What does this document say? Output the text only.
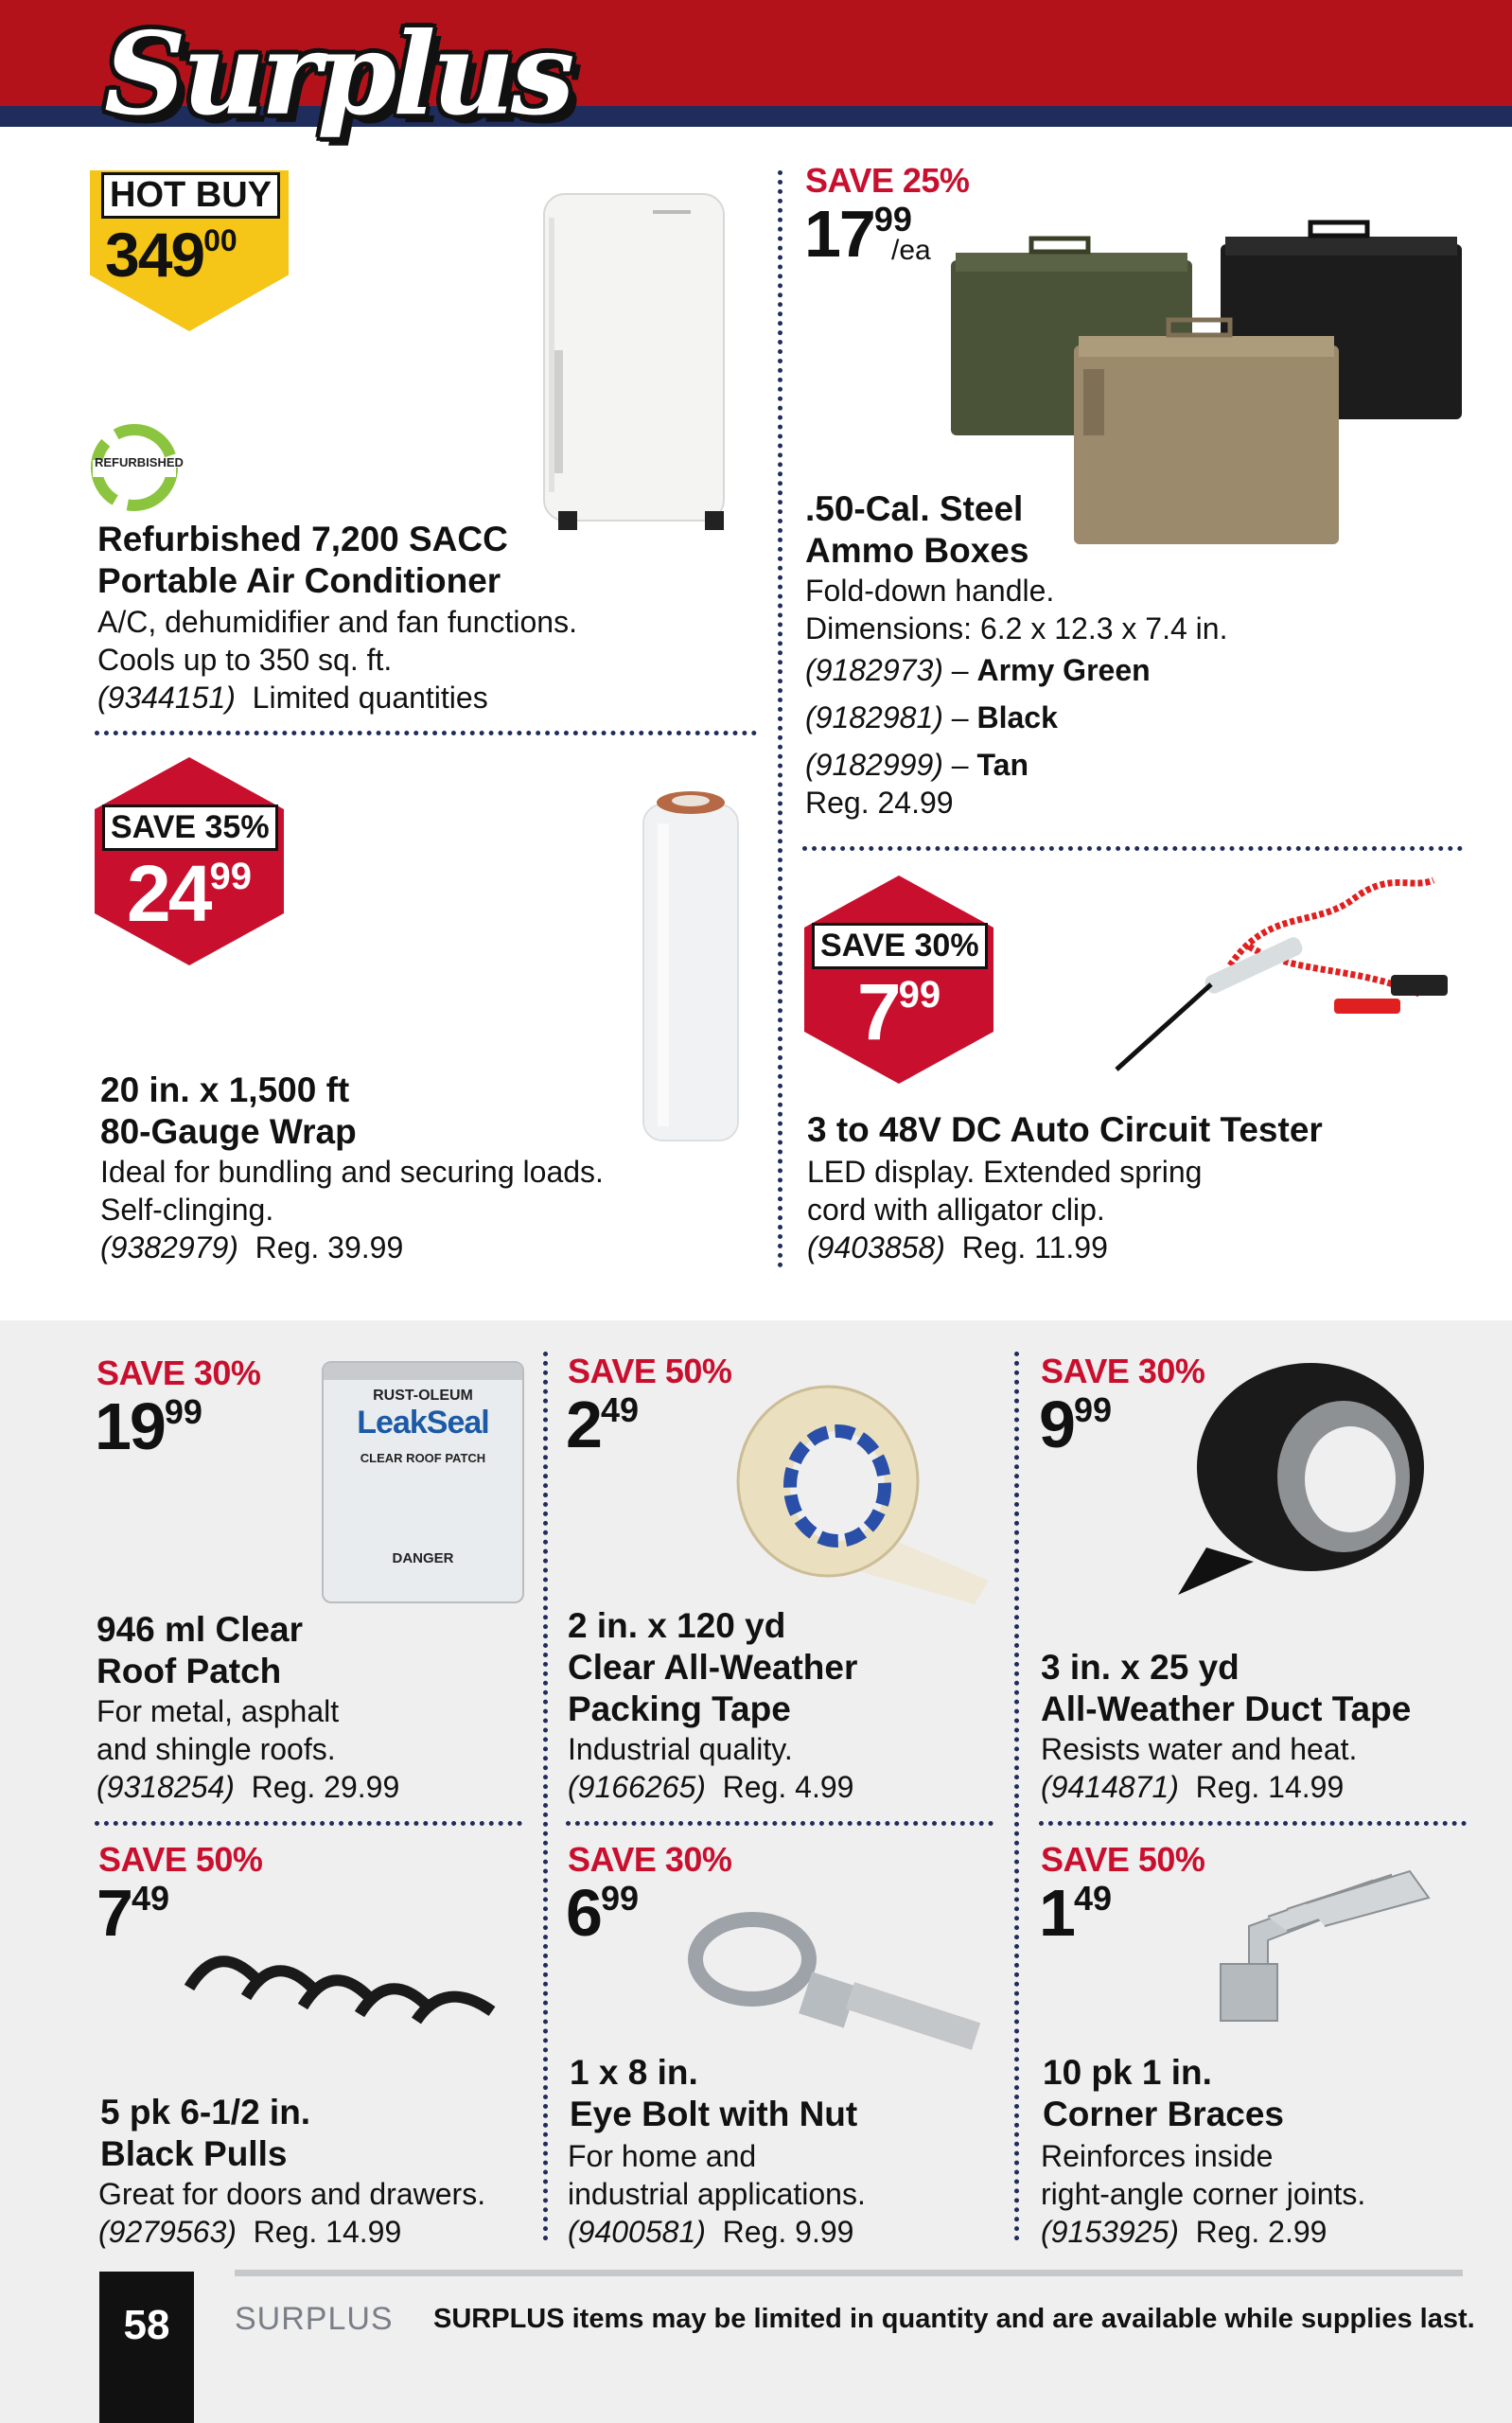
Surplus
HOT BUY
$349^{00}$
REFURBISHED
Refurbished 7,200 SACC
Portable Air Conditioner
A/C, dehumidifier and fan functions.
Cools up to 350 sq. ft.
(9344151) Limited quantities
SAVE 25%
$17^{99}$
/ea
.50-Cal. Steel
Ammo Boxes
Fold-down handle.
Dimensions: 6.2 x 12.3 x 7.4 in.
(9182973) – Army Green
(9182981) – Black
(9182999) – Tan
Reg. 24.99
SAVE 35%
$24^{99}$
20 in. x 1,500 ft
80-Gauge Wrap
Ideal for bundling and securing loads.
Self-clinging.
(9382979) Reg. 39.99
SAVE 30%
$7^{99}$
3 to 48V DC Auto Circuit Tester
LED display. Extended spring
cord with alligator clip.
(9403858) Reg. 11.99
SAVE 30%
$19^{99}$	RUST-OLEUM
LeakSeal
CLEAR ROOF PATCH
DANGER
946 ml Clear
Roof Patch
For metal, asphalt
and shingle roofs.
(9318254) Reg. 29.99
SAVE 50%
$2^{49}$
2 in. x 120 yd
Clear All-Weather
Packing Tape
Industrial quality.
(9166265) Reg. 4.99
SAVE 30%
$9^{99}$
3 in. x 25 yd
All-Weather Duct Tape
Resists water and heat.
(9414871) Reg. 14.99
SAVE 50%
$7^{49}$
5 pk 6-1/2 in.
Black Pulls
Great for doors and drawers.
(9279563) Reg. 14.99
SAVE 30%
$6^{99}$
1 x 8 in.
Eye Bolt with Nut
For home and
industrial applications.
(9400581) Reg. 9.99
SAVE 50%
$1^{49}$
10 pk 1 in.
Corner Braces
Reinforces inside
right-angle corner joints.
(9153925) Reg. 2.99
58	SURPLUS SURPLUS items may be limited in quantity and are available while supplies last.
